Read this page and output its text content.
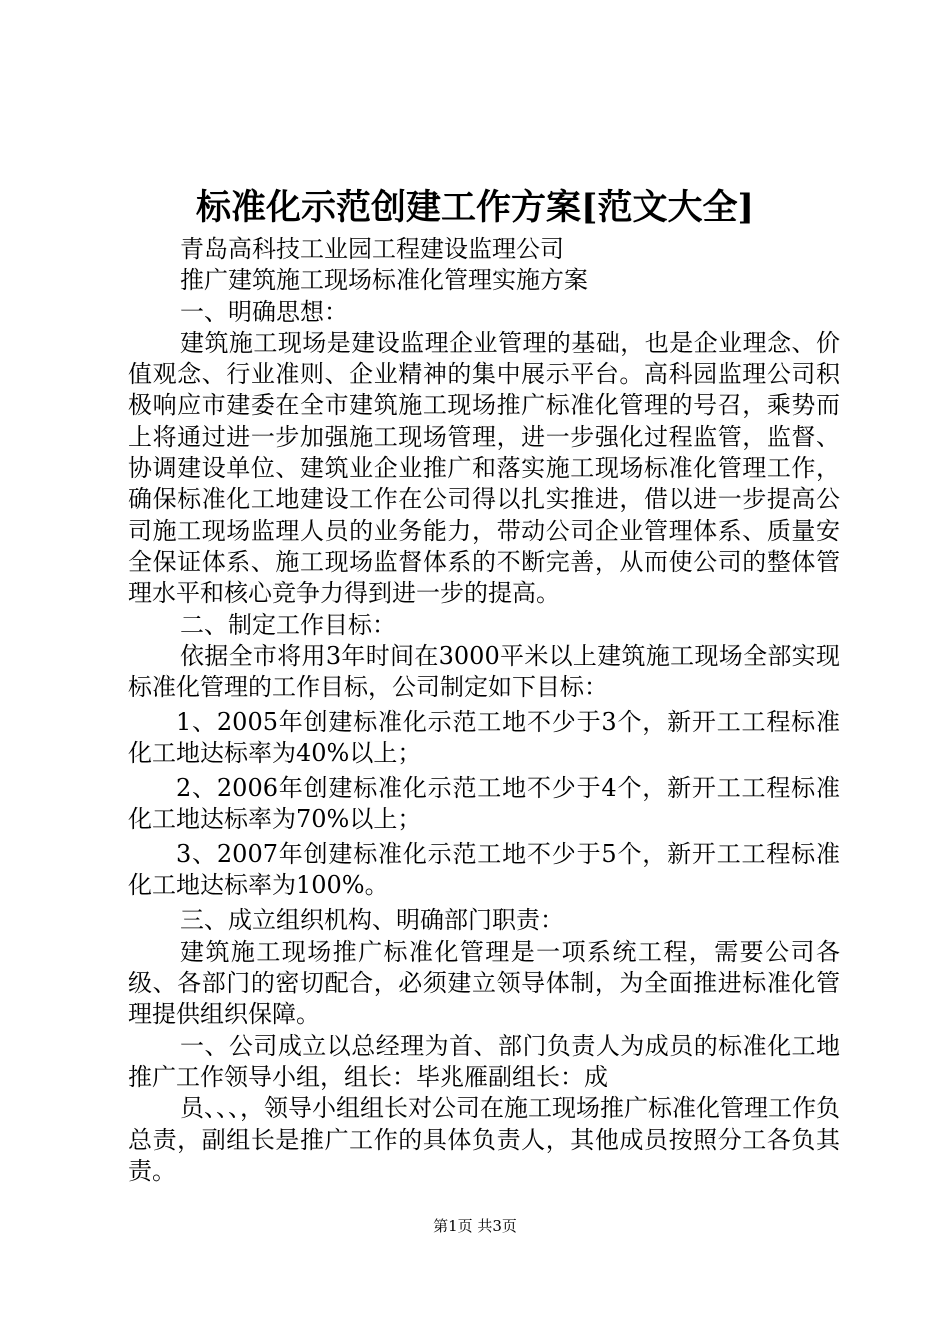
标准化示范创建工作方案[范文大全]

青岛高科技工业园工程建设监理公司

推广建筑施工现场标准化管理实施方案

一、明确思想：

建筑施工现场是建设监理企业管理的基础，也是企业理念、价值观念、行业准则、企业精神的集中展示平台。高科园监理公司积极响应市建委在全市建筑施工现场推广标准化管理的号召，乘势而上将通过进一步加强施工现场管理，进一步强化过程监管，监督、协调建设单位、建筑业企业推广和落实施工现场标准化管理工作，确保标准化工地建设工作在公司得以扎实推进，借以进一步提高公司施工现场监理人员的业务能力，带动公司企业管理体系、质量安全保证体系、施工现场监督体系的不断完善，从而使公司的整体管理水平和核心竞争力得到进一步的提高。

二、制定工作目标：

依据全市将用3年时间在3000平米以上建筑施工现场全部实现标准化管理的工作目标，公司制定如下目标：

1、2005年创建标准化示范工地不少于3个，新开工工程标准化工地达标率为40%以上；

2、2006年创建标准化示范工地不少于4个，新开工工程标准化工地达标率为70%以上；

3、2007年创建标准化示范工地不少于5个，新开工工程标准化工地达标率为100%。

三、成立组织机构、明确部门职责：

建筑施工现场推广标准化管理是一项系统工程，需要公司各级、各部门的密切配合，必须建立领导体制，为全面推进标准化管理提供组织保障。

一、公司成立以总经理为首、部门负责人为成员的标准化工地推广工作领导小组，组长：毕兆雁副组长：成

员、、、，领导小组组长对公司在施工现场推广标准化管理工作负总责，副组长是推广工作的具体负责人，其他成员按照分工各负其责。

第1页 共3页
